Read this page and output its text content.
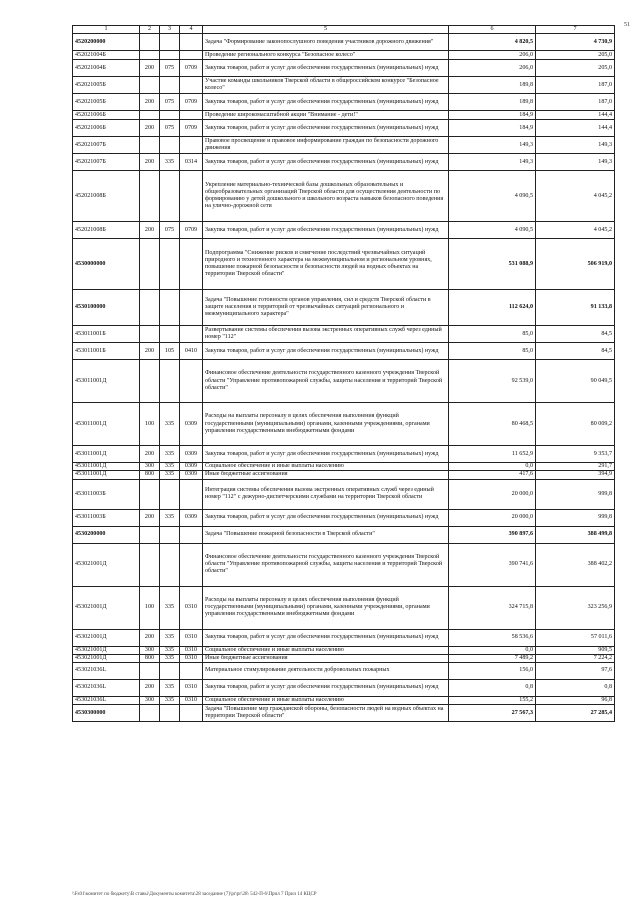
51
1	2	3	4	5	6	7
4520200000				Задача "Формирование законопослушного поведения участников дорожного движения"	4 820,5	4 730,9
452021004Б				Проведение регионального конкурса "Безопасное колесо"	206,0	205,0
452021004Б	200	075	0709	Закупка товаров, работ и услуг для обеспечения государственных (муниципальных) нужд	206,0	205,0
452021005Б				Участие команды школьников Тверской области в общероссийском конкурсе "Безопасное колесо"	189,8	187,0
452021005Б	200	075	0709	Закупка товаров, работ и услуг для обеспечения государственных (муниципальных) нужд	189,8	187,0
452021006Б				Проведение широкомасштабной акции "Внимание - дети!"	184,9	144,4
452021006Б	200	075	0709	Закупка товаров, работ и услуг для обеспечения государственных (муниципальных) нужд	184,9	144,4
452021007Б				Правовое просвещение и правовое информирование граждан по безопасности дорожного движения	149,3	149,3
452021007Б	200	335	0314	Закупка товаров, работ и услуг для обеспечения государственных (муниципальных) нужд	149,3	149,3
452021008Б				Укрепление материально-технической базы дошкольных образовательных и общеобразовательных организаций Тверской области для осуществления деятельности по формированию у детей дошкольного и школьного возраста навыков безопасного поведения на улично-дорожной сети	4 090,5	4 045,2
452021008Б	200	075	0709	Закупка товаров, работ и услуг для обеспечения государственных (муниципальных) нужд	4 090,5	4 045,2
4530000000				Подпрограмма "Снижение рисков и смягчение последствий чрезвычайных ситуаций природного и техногенного характера на межмуниципальном и региональном уровнях, повышение пожарной безопасности и безопасности людей на водных объектах на территории Тверской области"	531 088,9	506 919,0
4530100000				Задача "Повышение готовности органов управления, сил и средств Тверской области в защите населения и территорий от чрезвычайных ситуаций регионального и межмуниципального характера"	112 624,0	91 133,8
453011001Б				Развертывание системы обеспечения вызова экстренных оперативных служб через единый номер "112"	85,0	84,5
453011001Б	200	105	0410	Закупка товаров, работ и услуг для обеспечения государственных (муниципальных) нужд	85,0	84,5
453011001Д				Финансовое обеспечение деятельности государственного казенного учреждения Тверской области "Управление противопожарной службы, защиты населения и территорий Тверской области"	92 539,0	90 049,5
453011001Д	100	335	0309	Расходы на выплаты персоналу в целях обеспечения выполнения функций государственными (муниципальными) органами, казенными учреждениями, органами управления государственными внебюджетными фондами	80 468,5	80 009,2
453011001Д	200	335	0309	Закупка товаров, работ и услуг для обеспечения государственных (муниципальных) нужд	11 652,9	9 353,7
453011001Д	300	335	0309	Социальное обеспечение и иные выплаты населению	0,0	291,7
453011001Д	800	335	0309	Иные бюджетные ассигнования	417,6	394,9
453011003Б				Интеграция системы обеспечения вызова экстренных оперативных служб через единый номер "112" с дежурно-диспетчерскими службами на территории Тверской области	20 000,0	999,8
453011003Б	200	335	0309	Закупка товаров, работ и услуг для обеспечения государственных (муниципальных) нужд	20 000,0	999,8
4530200000				Задача "Повышение пожарной безопасности в Тверской области"	390 897,6	388 499,8
453021001Д				Финансовое обеспечение деятельности государственного казенного учреждения Тверской области "Управление противопожарной службы, защиты населения и территорий Тверской области"	390 741,6	388 402,2
453021001Д	100	335	0310	Расходы на выплаты персоналу в целях обеспечения выполнения функций государственными (муниципальными) органами, казенными учреждениями, органами управления государственными внебюджетными фондами	324 715,8	323 256,9
453021001Д	200	335	0310	Закупка товаров, работ и услуг для обеспечения государственных (муниципальных) нужд	58 536,6	57 011,6
453021001Д	300	335	0310	Социальное обеспечение и иные выплаты населению	0,0	909,5
453021001Д	800	335	0310	Иные бюджетные ассигнования	7 489,2	7 224,2
453021036L				Материальное стимулирование деятельности добровольных пожарных	156,0	97,6
453021036L	200	335	0310	Закупка товаров, работ и услуг для обеспечения государственных (муниципальных) нужд	0,8	0,8
453021036L	300	335	0310	Социальное обеспечение и иные выплаты населению	155,2	96,8
4530300000				Задача "Повышение мер гражданской обороны, безопасности людей на водных объектах на территории Тверской области"	27 567,3	27 285,4
\\Fs01\комитет по бюджету\В ставьі\Документы комитета\28 заседание (7)\pr\pr\28\ 542-П-6\Прил 7 Прил 14 КЦСР
